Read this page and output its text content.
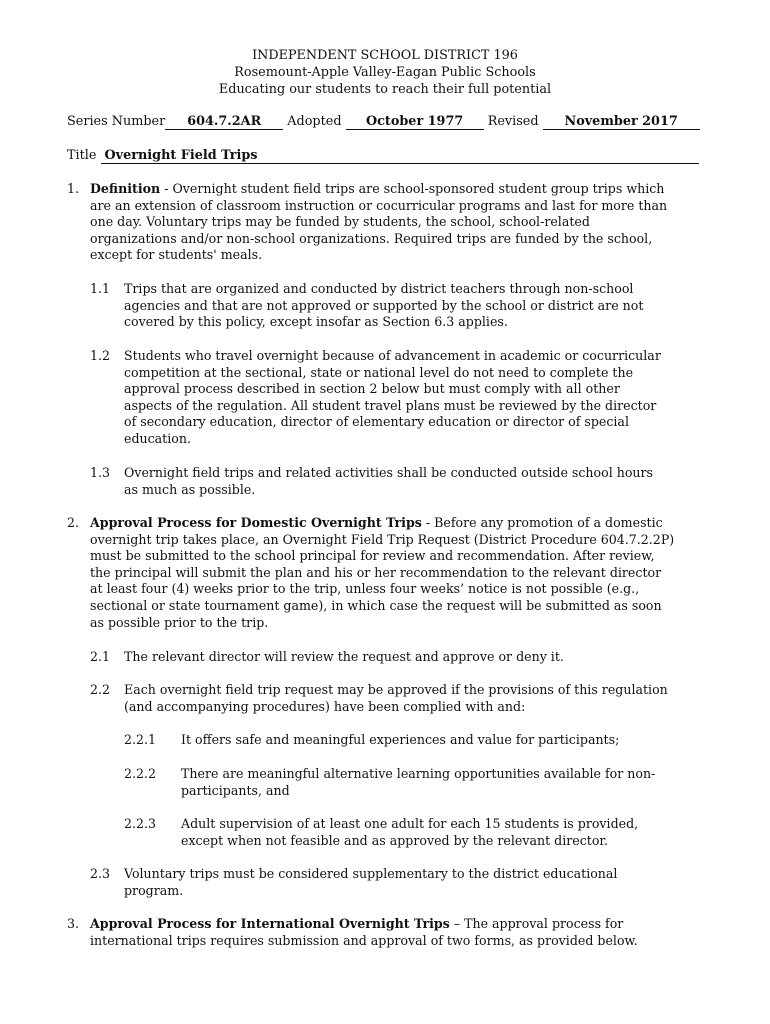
INDEPENDENT SCHOOL DISTRICT 196
Rosemount-Apple Valley-Eagan Public Schools
Educating our students to reach their full potential
Series Number 604.7.2AR Adopted October 1977 Revised November 2017
Title Overnight Field Trips
1. Definition - Overnight student field trips are school-sponsored student group trips which
are an extension of classroom instruction or cocurricular programs and last for more than
one day. Voluntary trips may be funded by students, the school, school-related
organizations and/or non-school organizations. Required trips are funded by the school,
except for students' meals.
1.1 Trips that are organized and conducted by district teachers through non-school
agencies and that are not approved or supported by the school or district are not
covered by this policy, except insofar as Section 6.3 applies.
1.2 Students who travel overnight because of advancement in academic or cocurricular
competition at the sectional, state or national level do not need to complete the
approval process described in section 2 below but must comply with all other
aspects of the regulation. All student travel plans must be reviewed by the director
of secondary education, director of elementary education or director of special
education.
1.3 Overnight field trips and related activities shall be conducted outside school hours
as much as possible.
2. Approval Process for Domestic Overnight Trips - Before any promotion of a domestic
overnight trip takes place, an Overnight Field Trip Request (District Procedure 604.7.2.2P)
must be submitted to the school principal for review and recommendation. After review,
the principal will submit the plan and his or her recommendation to the relevant director
at least four (4) weeks prior to the trip, unless four weeks’ notice is not possible (e.g.,
sectional or state tournament game), in which case the request will be submitted as soon
as possible prior to the trip.
2.1 The relevant director will review the request and approve or deny it.
2.2 Each overnight field trip request may be approved if the provisions of this regulation
(and accompanying procedures) have been complied with and:
2.2.1 It offers safe and meaningful experiences and value for participants;
2.2.2 There are meaningful alternative learning opportunities available for non-
participants, and
2.2.3 Adult supervision of at least one adult for each 15 students is provided,
except when not feasible and as approved by the relevant director.
2.3 Voluntary trips must be considered supplementary to the district educational
program.
3. Approval Process for International Overnight Trips – The approval process for
international trips requires submission and approval of two forms, as provided below.
